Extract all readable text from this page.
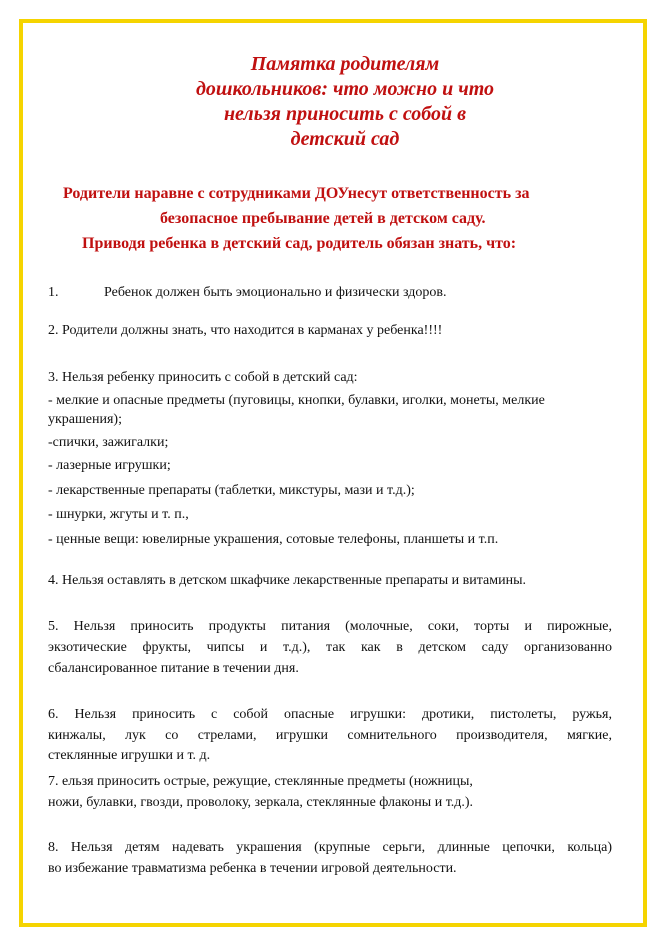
Памятка родителям

дошкольников: что можно и что

нельзя приносить с собой в

детский сад

Родители наравне с сотрудниками ДОУнесут ответственность за

безопасное пребывание детей в детском саду.

Приводя ребенка в детский сад, родитель обязан знать, что:

1.	Ребенок должен быть эмоционально и физически здоров.

2. Родители должны знать, что находится в карманах у ребенка!!!!

3. Нельзя ребенку приносить с собой в детский сад:

- мелкие и опасные предметы (пуговицы, кнопки, булавки, иголки, монеты, мелкие

украшения);

-спички, зажигалки;

- лазерные игрушки;

- лекарственные препараты (таблетки, микстуры, мази и т.д.);

- шнурки, жгуты и т. п.,

- ценные вещи: ювелирные украшения, сотовые телефоны, планшеты и т.п.

4. Нельзя оставлять в детском шкафчике лекарственные препараты и витамины.

5. Нельзя приносить продукты питания (молочные, соки, торты и пирожные,

экзотические фрукты, чипсы и т.д.), так как в детском саду организованно

сбалансированное питание в течении дня.

6. Нельзя приносить с собой опасные игрушки: дротики, пистолеты, ружья,

кинжалы, лук со стрелами, игрушки сомнительного производителя, мягкие,

стеклянные игрушки и т. д.

7. ельзя приносить острые, режущие, стеклянные предметы (ножницы,

ножи, булавки, гвозди, проволоку, зеркала, стеклянные флаконы и т.д.).

8. Нельзя детям надевать украшения (крупные серьги, длинные цепочки, кольца)

во избежание травматизма ребенка в течении игровой деятельности.
